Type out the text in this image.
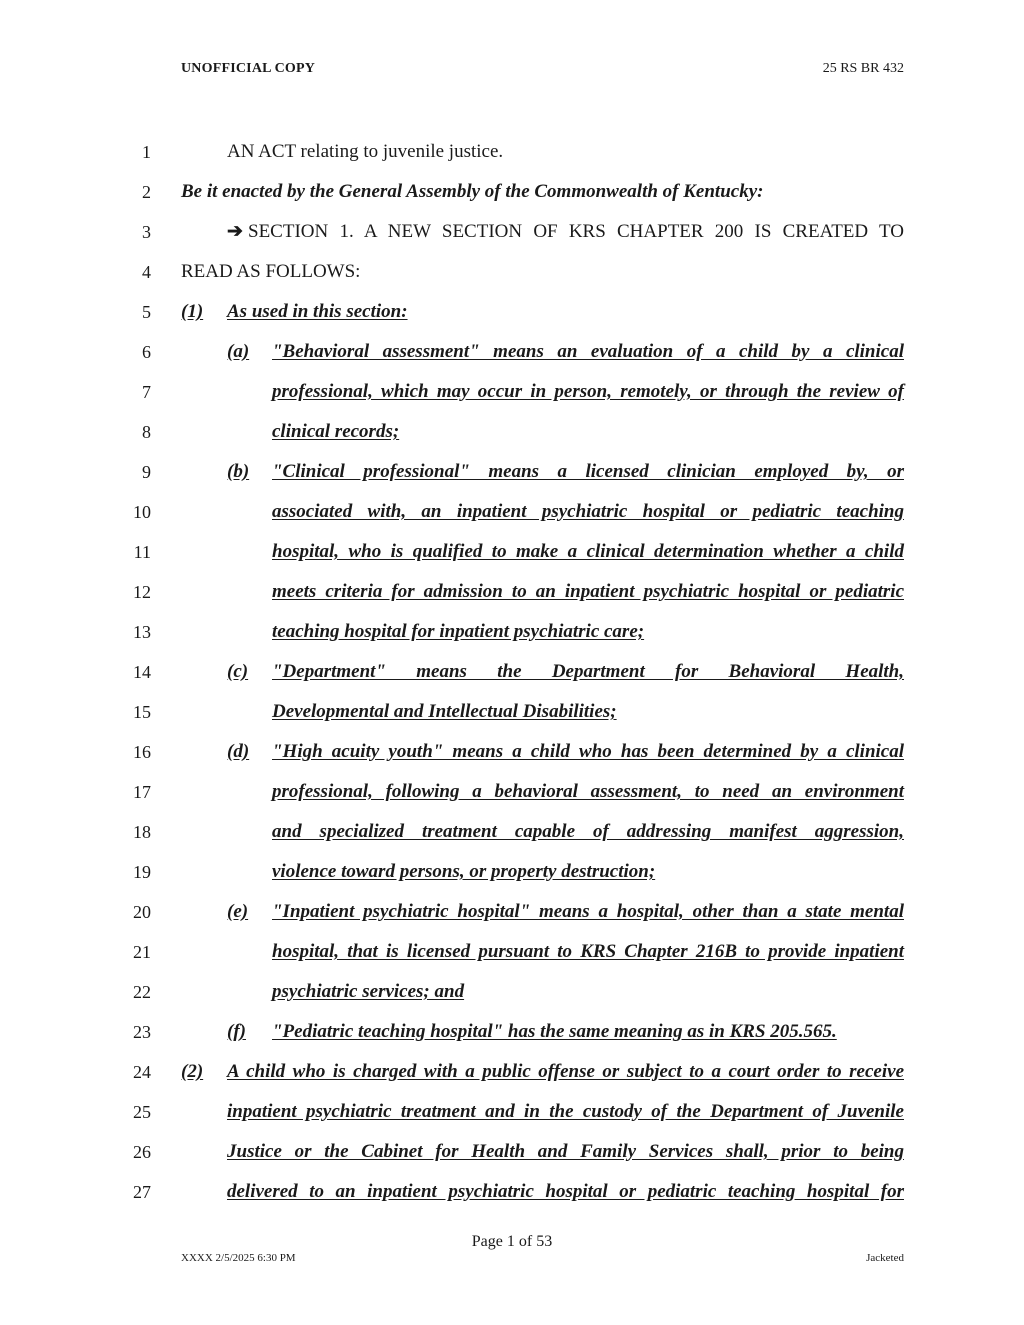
UNOFFICIAL COPY	25 RS BR 432
1	AN ACT relating to juvenile justice.
2 Be it enacted by the General Assembly of the Commonwealth of Kentucky:
3	➔ SECTION 1. A NEW SECTION OF KRS CHAPTER 200 IS CREATED TO
4 READ AS FOLLOWS:
5 (1) As used in this section:
6	(a) "Behavioral assessment" means an evaluation of a child by a clinical
7	professional, which may occur in person, remotely, or through the review of
8	clinical records;
9	(b) "Clinical professional" means a licensed clinician employed by, or
10	associated with, an inpatient psychiatric hospital or pediatric teaching
11	hospital, who is qualified to make a clinical determination whether a child
12	meets criteria for admission to an inpatient psychiatric hospital or pediatric
13	teaching hospital for inpatient psychiatric care;
14	(c) "Department" means the Department for Behavioral Health,
15	Developmental and Intellectual Disabilities;
16	(d) "High acuity youth" means a child who has been determined by a clinical
17	professional, following a behavioral assessment, to need an environment
18	and specialized treatment capable of addressing manifest aggression,
19	violence toward persons, or property destruction;
20	(e) "Inpatient psychiatric hospital" means a hospital, other than a state mental
21	hospital, that is licensed pursuant to KRS Chapter 216B to provide inpatient
22	psychiatric services; and
23	(f) "Pediatric teaching hospital" has the same meaning as in KRS 205.565.
24 (2) A child who is charged with a public offense or subject to a court order to receive
25	inpatient psychiatric treatment and in the custody of the Department of Juvenile
26	Justice or the Cabinet for Health and Family Services shall, prior to being
27	delivered to an inpatient psychiatric hospital or pediatric teaching hospital for
Page 1 of 53
XXXX 2/5/2025 6:30 PM	Jacketed
